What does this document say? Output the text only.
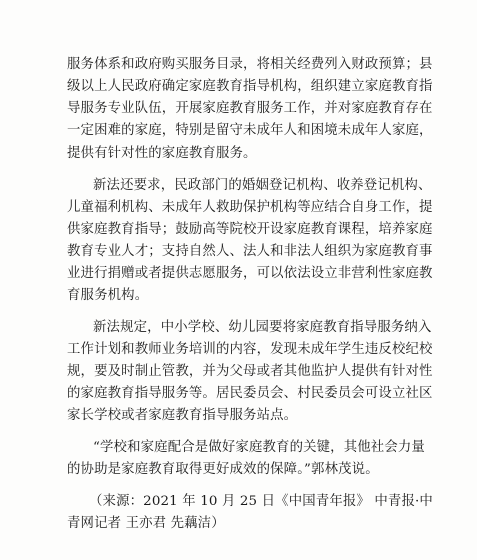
服务体系和政府购买服务目录，将相关经费列入财政预算；县
级以上人民政府确定家庭教育指导机构，组织建立家庭教育指
导服务专业队伍，开展家庭教育服务工作，并对家庭教育存在
一定困难的家庭，特别是留守未成年人和困境未成年人家庭，
提供有针对性的家庭教育服务。
新法还要求，民政部门的婚姻登记机构、收养登记机构、
儿童福利机构、未成年人救助保护机构等应结合自身工作，提
供家庭教育指导；鼓励高等院校开设家庭教育课程，培养家庭
教育专业人才；支持自然人、法人和非法人组织为家庭教育事
业进行捐赠或者提供志愿服务，可以依法设立非营利性家庭教
育服务机构。
新法规定，中小学校、幼儿园要将家庭教育指导服务纳入
工作计划和教师业务培训的内容，发现未成年学生违反校纪校
规，要及时制止管教，并为父母或者其他监护人提供有针对性
的家庭教育指导服务等。居民委员会、村民委员会可设立社区
家长学校或者家庭教育指导服务站点。
“学校和家庭配合是做好家庭教育的关键，其他社会力量
的协助是家庭教育取得更好成效的保障。”郭林茂说。
（来源：2021 年 10 月 25 日《中国青年报》 中青报·中
青网记者 王亦君 先藕洁）
